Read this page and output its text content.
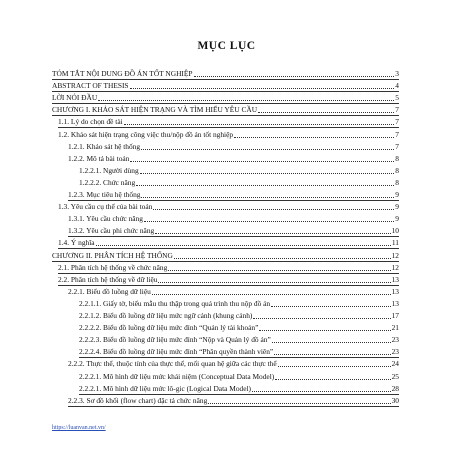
MỤC LỤC
TÓM TẮT NỘI DUNG ĐỒ ÁN TỐT NGHIỆP	3
ABSTRACT OF THESIS	4
LỜI NÓI ĐẦU	5
CHƯƠNG I. KHẢO SÁT HIỆN TRẠNG VÀ TÌM HIỂU YÊU CẦU	7
1.1. Lý do chọn đề tài	7
1.2. Khảo sát hiện trạng công việc thu/nộp đồ án tốt nghiệp	7
1.2.1. Khảo sát hệ thống	7
1.2.2. Mô tả bài toán	8
1.2.2.1. Người dùng	8
1.2.2.2. Chức năng	8
1.2.3. Mục tiêu hệ thống	9
1.3. Yêu cầu cụ thể của bài toán	9
1.3.1. Yêu cầu chức năng	9
1.3.2. Yêu cầu phi chức năng	10
1.4. Ý nghĩa	11
CHƯƠNG II. PHÂN TÍCH HỆ THỐNG	12
2.1. Phân tích hệ thống về chức năng	12
2.2. Phân tích hệ thống về dữ liệu	13
2.2.1. Biểu đồ luồng dữ liệu	13
2.2.1.1. Giấy tờ, biểu mẫu thu thập trong quá trình thu nộp đồ án	13
2.2.1.2. Biểu đồ luồng dữ liệu mức ngữ cảnh (khung cảnh)	17
2.2.2.2. Biểu đồ luồng dữ liệu mức đỉnh “Quản lý tài khoản”	21
2.2.2.3. Biểu đồ luồng dữ liệu mức đỉnh “Nộp và Quản lý đồ án”	23
2.2.2.4. Biểu đồ luồng dữ liệu mức đỉnh “Phân quyền thành viên”	23
2.2.2. Thực thể, thuộc tính của thực thể, mối quan hệ giữa các thực thể	24
2.2.2.1. Mô hình dữ liệu mức khái niệm (Conceptual Data Model)	25
2.2.2.1. Mô hình dữ liệu mức lô-gic (Logical Data Model)	28
2.2.3. Sơ đồ khối (flow chart) đặc tả chức năng	30
https://luanvan.net.vn/
